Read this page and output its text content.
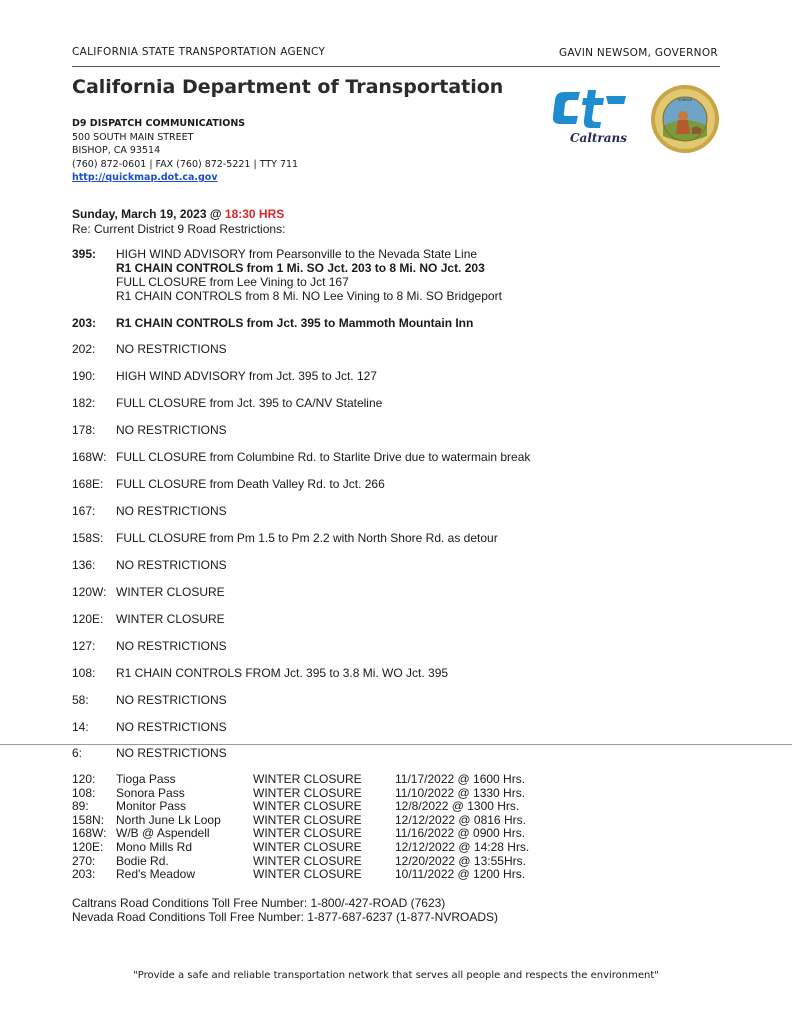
CALIFORNIA STATE TRANSPORTATION AGENCY	GAVIN NEWSOM, GOVERNOR
California Department of Transportation
D9 DISPATCH COMMUNICATIONS
500 SOUTH MAIN STREET
BISHOP, CA 93514
(760) 872-0601 | FAX (760) 872-5221 | TTY 711
http://quickmap.dot.ca.gov
Caltrans
EUREKA
Sunday, March 19, 2023 @ 18:30 HRS
Re: Current District 9 Road Restrictions:
395:	HIGH WIND ADVISORY from Pearsonville to the Nevada State Line
R1 CHAIN CONTROLS from 1 Mi. SO Jct. 203 to 8 Mi. NO Jct. 203
FULL CLOSURE from Lee Vining to Jct 167
R1 CHAIN CONTROLS from 8 Mi. NO Lee Vining to 8 Mi. SO Bridgeport
203:	R1 CHAIN CONTROLS from Jct. 395 to Mammoth Mountain Inn
202:	NO RESTRICTIONS
190:	HIGH WIND ADVISORY from Jct. 395 to Jct. 127
182:	FULL CLOSURE from Jct. 395 to CA/NV Stateline
178:	NO RESTRICTIONS
168W: FULL CLOSURE from Columbine Rd. to Starlite Drive due to watermain break
168E:	FULL CLOSURE from Death Valley Rd. to Jct. 266
167:	NO RESTRICTIONS
158S:	FULL CLOSURE from Pm 1.5 to Pm 2.2 with North Shore Rd. as detour
136:	NO RESTRICTIONS
120W: WINTER CLOSURE
120E:	WINTER CLOSURE
127:	NO RESTRICTIONS
108:	R1 CHAIN CONTROLS FROM Jct. 395 to 3.8 Mi. WO Jct. 395
58:	NO RESTRICTIONS
14:	NO RESTRICTIONS
6:	NO RESTRICTIONS
120: Tioga Pass	WINTER CLOSURE	11/17/2022 @ 1600 Hrs.
108: Sonora Pass	WINTER CLOSURE	11/10/2022 @ 1330 Hrs.
89: Monitor Pass	WINTER CLOSURE	12/8/2022 @ 1300 Hrs.
158N: North June Lk Loop	WINTER CLOSURE	12/12/2022 @ 0816 Hrs.
168W: W/B @ Aspendell	WINTER CLOSURE	11/16/2022 @ 0900 Hrs.
120E: Mono Mills Rd	WINTER CLOSURE	12/12/2022 @ 14:28 Hrs.
270: Bodie Rd.	WINTER CLOSURE	12/20/2022 @ 13:55Hrs.
203: Red's Meadow	WINTER CLOSURE	10/11/2022 @ 1200 Hrs.
Caltrans Road Conditions Toll Free Number: 1-800/-427-ROAD (7623)
Nevada Road Conditions Toll Free Number: 1-877-687-6237 (1-877-NVROADS)
"Provide a safe and reliable transportation network that serves all people and respects the environment"
